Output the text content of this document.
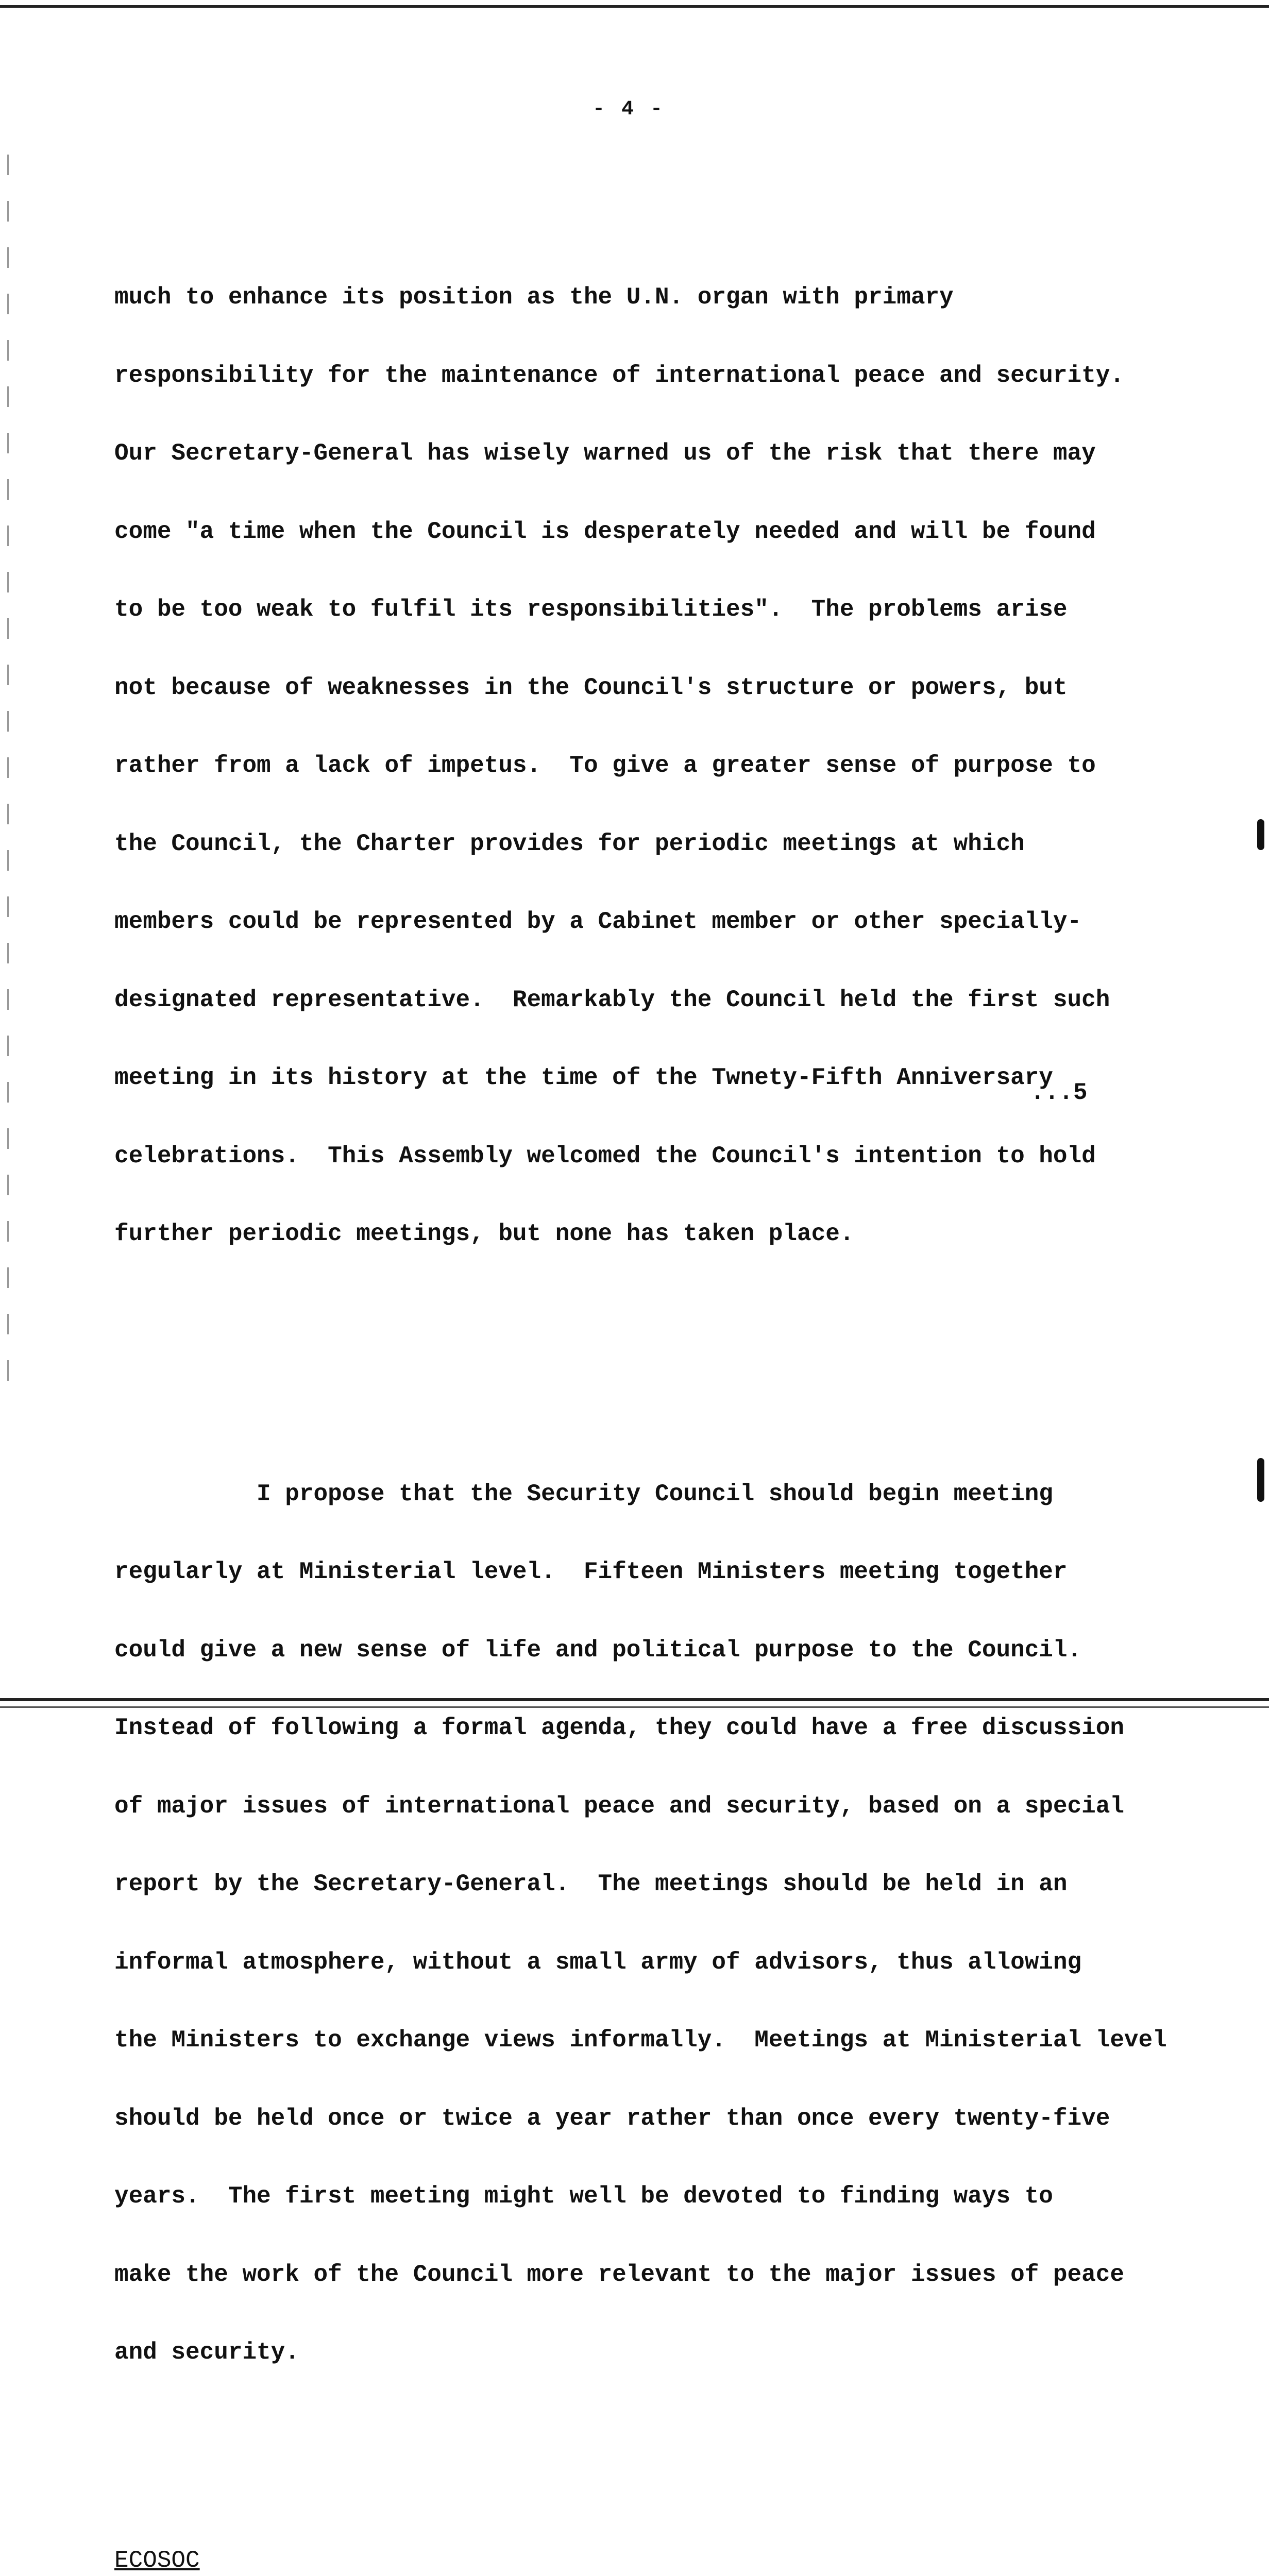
- 4 -

much to enhance its position as the U.N. organ with primary

responsibility for the maintenance of international peace and security.

Our Secretary-General has wisely warned us of the risk that there may

come "a time when the Council is desperately needed and will be found

to be too weak to fulfil its responsibilities".  The problems arise

not because of weaknesses in the Council's structure or powers, but

rather from a lack of impetus.  To give a greater sense of purpose to

the Council, the Charter provides for periodic meetings at which

members could be represented by a Cabinet member or other specially-

designated representative.  Remarkably the Council held the first such

meeting in its history at the time of the Twnety-Fifth Anniversary

celebrations.  This Assembly welcomed the Council's intention to hold

further periodic meetings, but none has taken place.

I propose that the Security Council should begin meeting

regularly at Ministerial level.  Fifteen Ministers meeting together

could give a new sense of life and political purpose to the Council.

Instead of following a formal agenda, they could have a free discussion

of major issues of international peace and security, based on a special

report by the Secretary-General.  The meetings should be held in an

informal atmosphere, without a small army of advisors, thus allowing

the Ministers to exchange views informally.  Meetings at Ministerial level

should be held once or twice a year rather than once every twenty-five

years.  The first meeting might well be devoted to finding ways to

make the work of the Council more relevant to the major issues of peace

and security.

ECOSOC

...5
